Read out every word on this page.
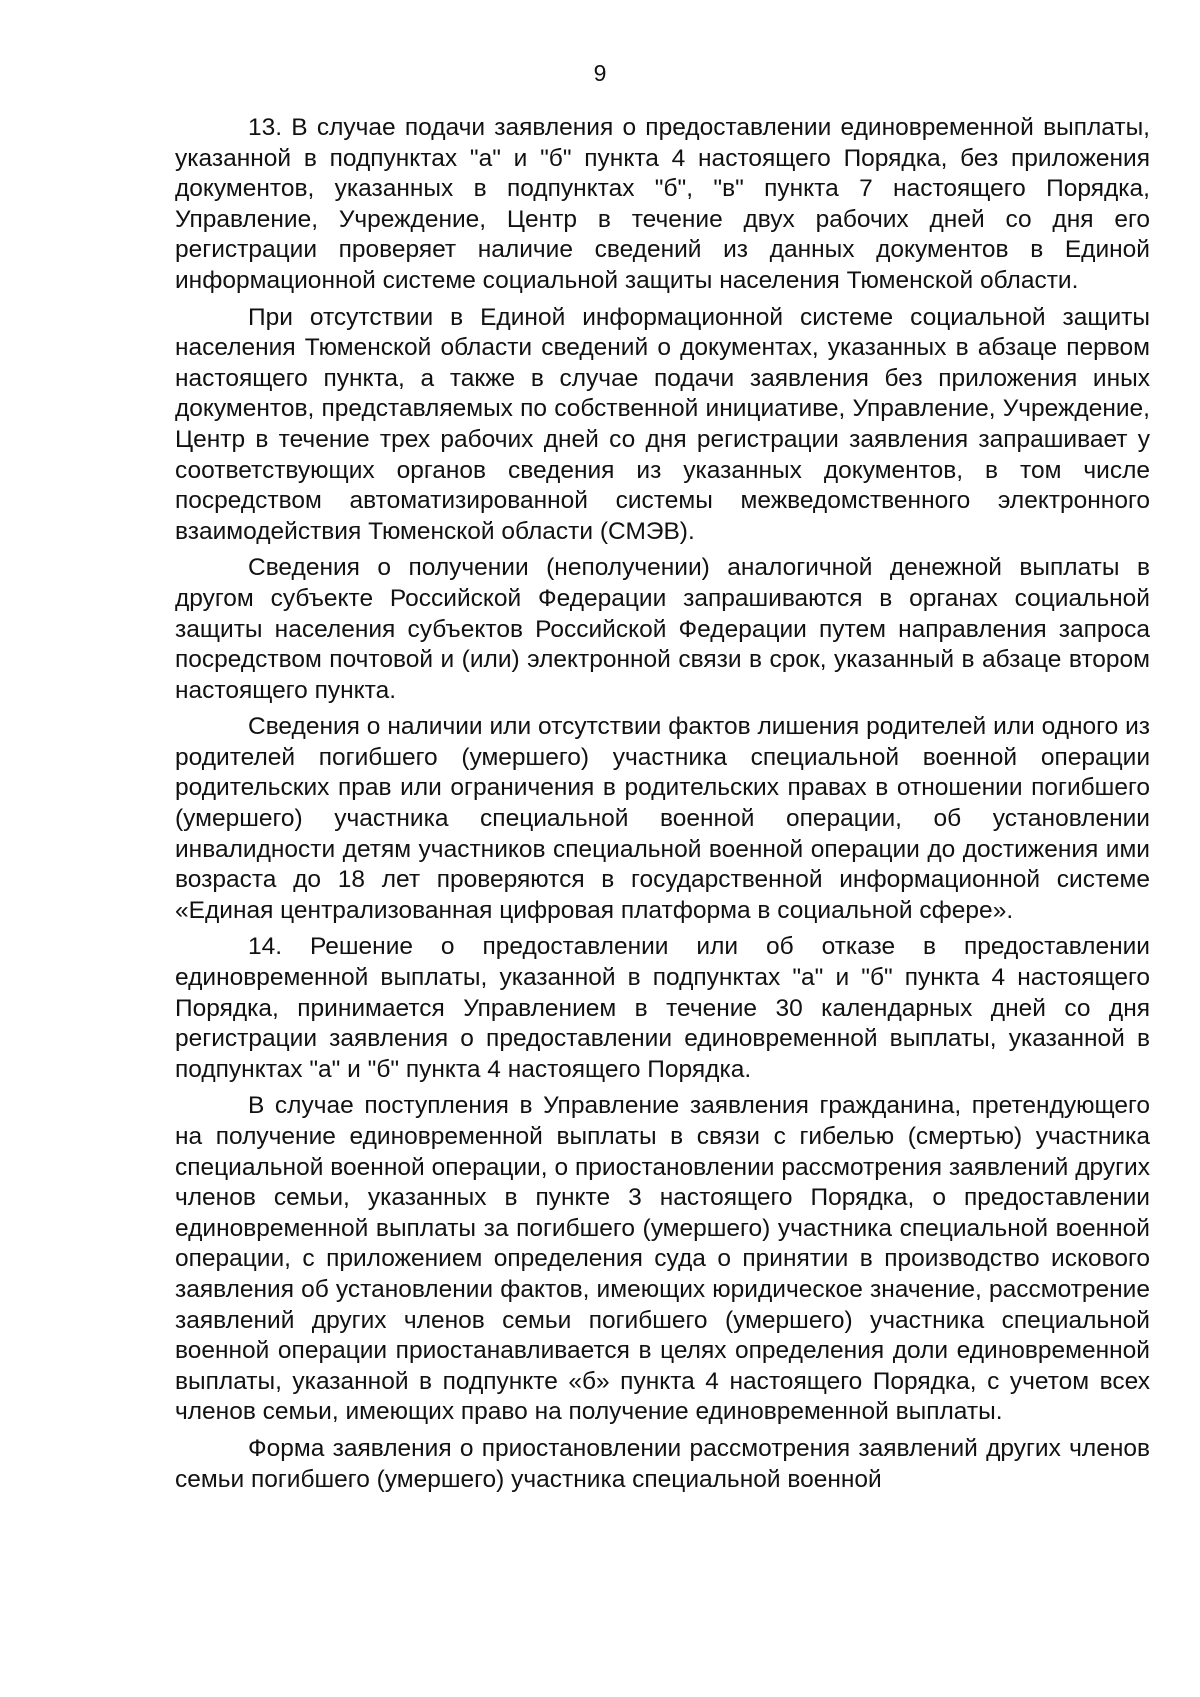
9

13. В случае подачи заявления о предоставлении единовременной выплаты, указанной в подпунктах "а" и "б" пункта 4 настоящего Порядка, без приложения документов, указанных в подпунктах "б", "в" пункта 7 настоящего Порядка, Управление, Учреждение, Центр в течение двух рабочих дней со дня его регистрации проверяет наличие сведений из данных документов в Единой информационной системе социальной защиты населения Тюменской области.

При отсутствии в Единой информационной системе социальной защиты населения Тюменской области сведений о документах, указанных в абзаце первом настоящего пункта, а также в случае подачи заявления без приложения иных документов, представляемых по собственной инициативе, Управление, Учреждение, Центр в течение трех рабочих дней со дня регистрации заявления запрашивает у соответствующих органов сведения из указанных документов, в том числе посредством автоматизированной системы межведомственного электронного взаимодействия Тюменской области (СМЭВ).

Сведения о получении (неполучении) аналогичной денежной выплаты в другом субъекте Российской Федерации запрашиваются в органах социальной защиты населения субъектов Российской Федерации путем направления запроса посредством почтовой и (или) электронной связи в срок, указанный в абзаце втором настоящего пункта.

Сведения о наличии или отсутствии фактов лишения родителей или одного из родителей погибшего (умершего) участника специальной военной операции родительских прав или ограничения в родительских правах в отношении погибшего (умершего) участника специальной военной операции, об установлении инвалидности детям участников специальной военной операции до достижения ими возраста до 18 лет проверяются в государственной информационной системе «Единая централизованная цифровая платформа в социальной сфере».

14. Решение о предоставлении или об отказе в предоставлении единовременной выплаты, указанной в подпунктах "а" и "б" пункта 4 настоящего Порядка, принимается Управлением в течение 30 календарных дней со дня регистрации заявления о предоставлении единовременной выплаты, указанной в подпунктах "а" и "б" пункта 4 настоящего Порядка.

В случае поступления в Управление заявления гражданина, претендующего на получение единовременной выплаты в связи с гибелью (смертью) участника специальной военной операции, о приостановлении рассмотрения заявлений других членов семьи, указанных в пункте 3 настоящего Порядка, о предоставлении единовременной выплаты за погибшего (умершего) участника специальной военной операции, с приложением определения суда о принятии в производство искового заявления об установлении фактов, имеющих юридическое значение, рассмотрение заявлений других членов семьи погибшего (умершего) участника специальной военной операции приостанавливается в целях определения доли единовременной выплаты, указанной в подпункте «б» пункта 4 настоящего Порядка, с учетом всех членов семьи, имеющих право на получение единовременной выплаты.

Форма заявления о приостановлении рассмотрения заявлений других членов семьи погибшего (умершего) участника специальной военной
